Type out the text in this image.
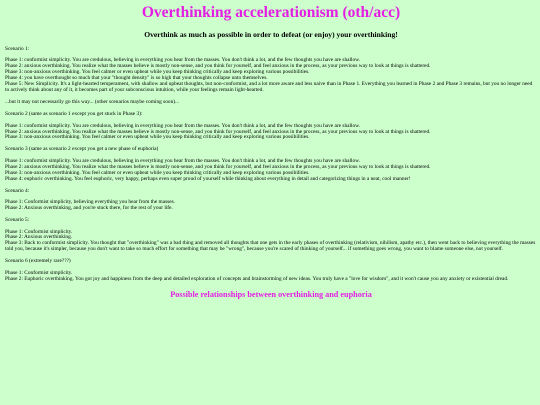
Overthinking accelerationism (oth/acc)
Overthink as much as possible in order to defeat (or enjoy) your overthinking!
Scenario 1:
Phase 1: conformist simplicity. You are credulous, believing in everything you hear from the masses. You don't think a lot, and the few thoughts you have are shallow.
Phase 2: anxious overthinking. You realize what the masses believe is mostly non-sense, and you think for yourself, and feel anxious in the process, as your previous way to look at things is shattered.
Phase 3: non-anxious overthinking. You feel calmer or even upbeat while you keep thinking critically and keep exploring various possibilities.
Phase 4: you have overthought so much that your "thought density" is so high that your thoughts collapse unto themselves.
Phase 5: New Simplicity. It's a light-hearted temperament, with shallow and upbeat thoughts, but non-conformist, and a lot more aware and less naive than in Phase 1. Everything you learned in Phase 2 and Phase 3 remains, but you no longer need to actively think about any of it, it becomes part of your subconscious intuition, while your feelings remain light-hearted.
...but it may not necessarily go this way... (other scenarios maybe coming soon)...
Scenario 2 (same as scenario 1 except you get stuck in Phase 3):
Phase 1: conformist simplicity. You are credulous, believing in everything you hear from the masses. You don't think a lot, and the few thoughts you have are shallow.
Phase 2: anxious overthinking. You realize what the masses believe is mostly non-sense, and you think for yourself, and feel anxious in the process, as your previous way to look at things is shattered.
Phase 3: non-anxious overthinking. You feel calmer or even upbeat while you keep thinking critically and keep exploring various possibilities.
Scenario 3 (same as scenario 2 except you get a new phase of euphoria)
Phase 1: conformist simplicity. You are credulous, believing in everything you hear from the masses. You don't think a lot, and the few thoughts you have are shallow.
Phase 2: anxious overthinking. You realize what the masses believe is mostly non-sense, and you think for yourself, and feel anxious in the process, as your previous way to look at things is shattered.
Phase 3: non-anxious overthinking. You feel calmer or even upbeat while you keep thinking critically and keep exploring various possibilities.
Phase 4: euphoric overthinking. You feel euphoric, very happy, perhaps even super proud of yourself while thinking about everything in detail and categorizing things in a neat, cool manner!
Scenario 4:
Phase 1: Conformist simplicity, believing everything you hear from the masses.
Phase 2: Anxious overthinking, and you're stuck there, for the rest of your life.
Scenario 5:
Phase 1: Conformist simplicity.
Phase 2: Anxious overthinking.
Phase 3: Back to conformist simplicity. You thought that "overthinking" was a bad thing and removed all thoughts that one gets in the early phases of overthinking (relativism, nihilism, apathy etc.), then went back to believing everything the masses told you, because it's simpler, because you don't want to take so much effort for something that may be "wrong", because you're scared of thinking of yourself... if something goes wrong, you want to blame someone else, not yourself.
Scenario 6 (extremely rare???)
Phase 1: Conformist simplicity.
Phase 2: Euphoric overthinking. You got joy and happiness from the deep and detailed exploration of concepts and brainstorming of new ideas. You truly have a "love for wisdom", and it won't cause you any anxiety or existential dread.
Possible relationships between overthinking and euphoria
